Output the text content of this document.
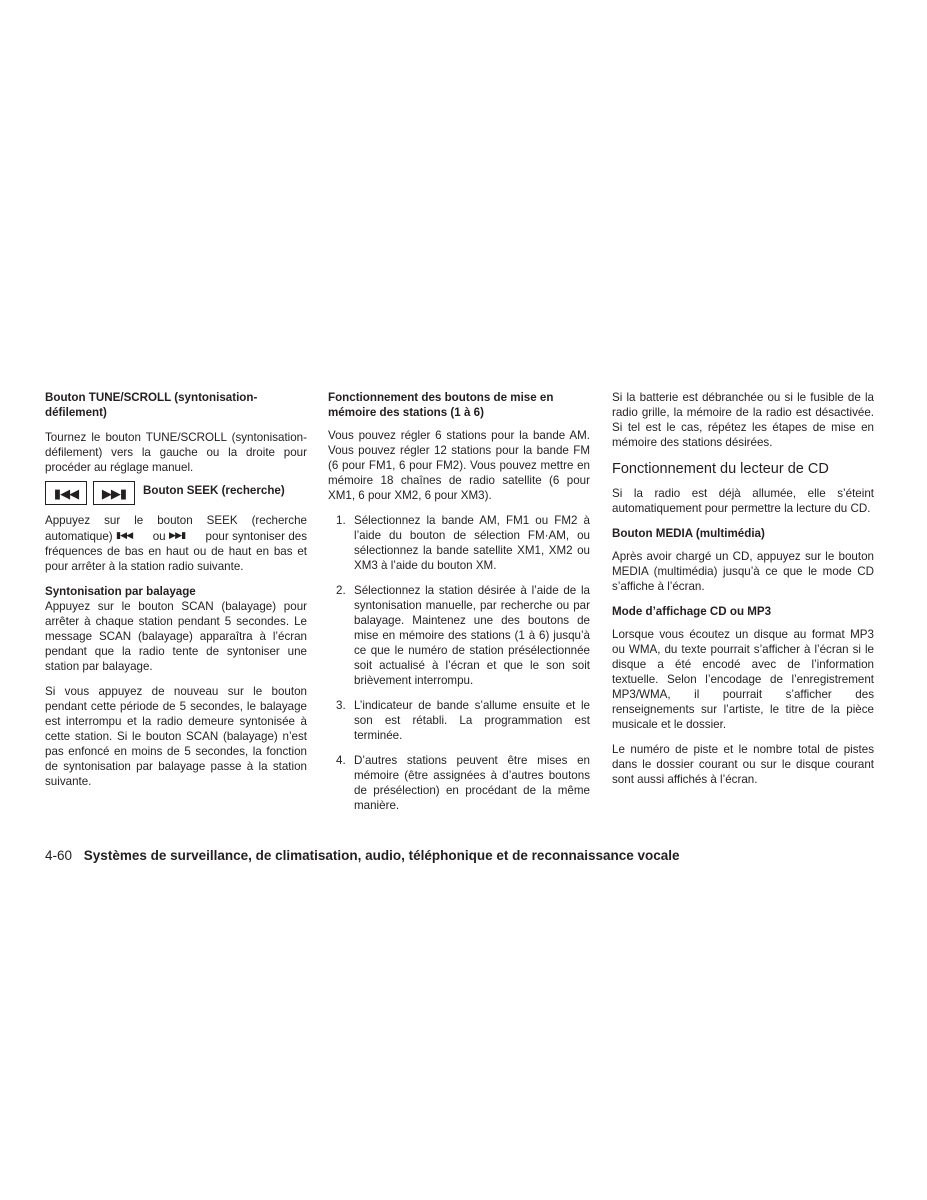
Bouton TUNE/SCROLL (syntonisation-défilement)

Tournez le bouton TUNE/SCROLL (syntonisation-défilement) vers la gauche ou la droite pour procéder au réglage manuel.

▮◀◀	▶▶▮	Bouton SEEK (recherche)

Appuyez sur le bouton SEEK (recherche automatique) ▮◀◀ ou ▶▶▮ pour syntoniser des fréquences de bas en haut ou de haut en bas et pour arrêter à la station radio suivante.

Syntonisation par balayage

Appuyez sur le bouton SCAN (balayage) pour arrêter à chaque station pendant 5 secondes. Le message SCAN (balayage) apparaîtra à l’écran pendant que la radio tente de syntoniser une station par balayage.

Si vous appuyez de nouveau sur le bouton pendant cette période de 5 secondes, le balayage est interrompu et la radio demeure syntonisée à cette station. Si le bouton SCAN (balayage) n’est pas enfoncé en moins de 5 secondes, la fonction de syntonisation par balayage passe à la station suivante.

Fonctionnement des boutons de mise en mémoire des stations (1 à 6)

Vous pouvez régler 6 stations pour la bande AM. Vous pouvez régler 12 stations pour la bande FM (6 pour FM1, 6 pour FM2). Vous pouvez mettre en mémoire 18 chaînes de radio satellite (6 pour XM1, 6 pour XM2, 6 pour XM3).

1. Sélectionnez la bande AM, FM1 ou FM2 à l’aide du bouton de sélection FM·AM, ou sélectionnez la bande satellite XM1, XM2 ou XM3 à l’aide du bouton XM.
2. Sélectionnez la station désirée à l’aide de la syntonisation manuelle, par recherche ou par balayage. Maintenez une des boutons de mise en mémoire des stations (1 à 6) jusqu’à ce que le numéro de station présélectionnée soit actualisé à l’écran et que le son soit brièvement interrompu.
3. L’indicateur de bande s’allume ensuite et le son est rétabli. La programmation est terminée.
4. D’autres stations peuvent être mises en mémoire (être assignées à d’autres boutons de présélection) en procédant de la même manière.

Si la batterie est débranchée ou si le fusible de la radio grille, la mémoire de la radio est désactivée. Si tel est le cas, répétez les étapes de mise en mémoire des stations désirées.

Fonctionnement du lecteur de CD

Si la radio est déjà allumée, elle s’éteint automatiquement pour permettre la lecture du CD.

Bouton MEDIA (multimédia)

Après avoir chargé un CD, appuyez sur le bouton MEDIA (multimédia) jusqu’à ce que le mode CD s’affiche à l’écran.

Mode d’affichage CD ou MP3

Lorsque vous écoutez un disque au format MP3 ou WMA, du texte pourrait s’afficher à l’écran si le disque a été encodé avec de l’information textuelle. Selon l’encodage de l’enregistrement MP3/WMA, il pourrait s’afficher des renseignements sur l’artiste, le titre de la pièce musicale et le dossier.

Le numéro de piste et le nombre total de pistes dans le dossier courant ou sur le disque courant sont aussi affichés à l’écran.

4-60 Systèmes de surveillance, de climatisation, audio, téléphonique et de reconnaissance vocale
